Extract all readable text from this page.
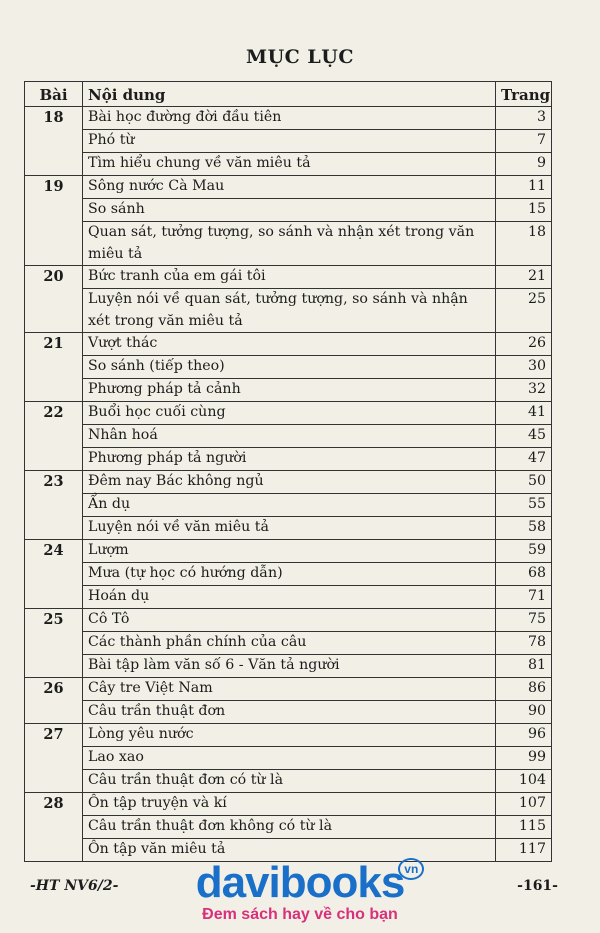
MỤC LỤC
Bài	Nội dung	Trang
18	Bài học đường đời đầu tiên	3
	Phó từ	7
	Tìm hiểu chung về văn miêu tả	9
19	Sông nước Cà Mau	11
	So sánh	15
	Quan sát, tưởng tượng, so sánh và nhận xét trong văn miêu tả	18
20	Bức tranh của em gái tôi	21
	Luyện nói về quan sát, tưởng tượng, so sánh và nhận xét trong văn miêu tả	25
21	Vượt thác	26
	So sánh (tiếp theo)	30
	Phương pháp tả cảnh	32
22	Buổi học cuối cùng	41
	Nhân hoá	45
	Phương pháp tả người	47
23	Đêm nay Bác không ngủ	50
	Ẩn dụ	55
	Luyện nói về văn miêu tả	58
24	Lượm	59
	Mưa (tự học có hướng dẫn)	68
	Hoán dụ	71
25	Cô Tô	75
	Các thành phần chính của câu	78
	Bài tập làm văn số 6 - Văn tả người	81
26	Cây tre Việt Nam	86
	Câu trần thuật đơn	90
27	Lòng yêu nước	96
	Lao xao	99
	Câu trần thuật đơn có từ là	104
28	Ôn tập truyện và kí	107
	Câu trần thuật đơn không có từ là	115
	Ôn tập văn miêu tả	117
-HT NV6/2-	-161-
davibooks vn
Đem sách hay về cho bạn
